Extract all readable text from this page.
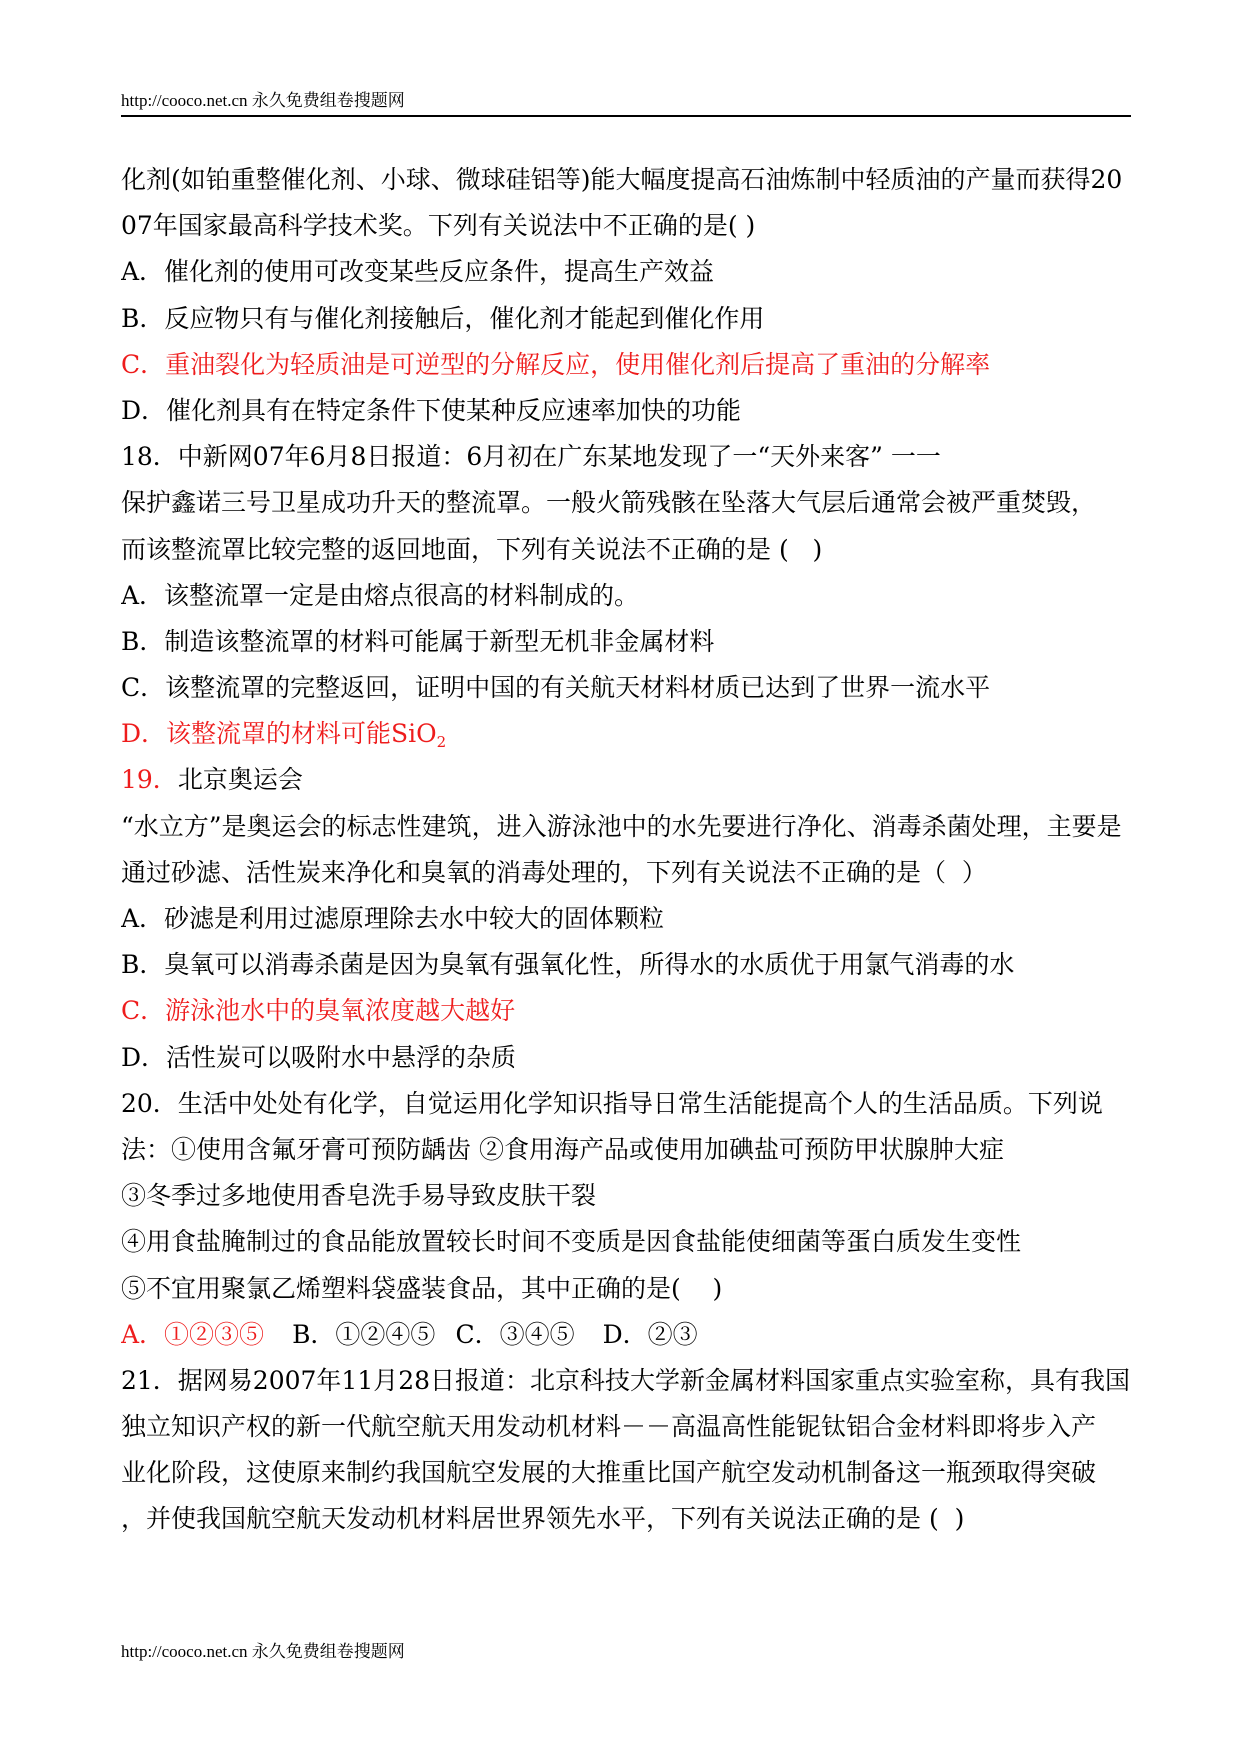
http://cooco.net.cn 永久免费组卷搜题网
化剂(如铂重整催化剂、小球、微球硅铝等)能大幅度提高石油炼制中轻质油的产量而获得20
07年国家最高科学技术奖。下列有关说法中不正确的是( )
A．催化剂的使用可改变某些反应条件，提高生产效益
B．反应物只有与催化剂接触后，催化剂才能起到催化作用
C．重油裂化为轻质油是可逆型的分解反应，使用催化剂后提高了重油的分解率
D．催化剂具有在特定条件下使某种反应速率加快的功能
18．中新网07年6月8日报道：6月初在广东某地发现了一“天外来客” 一一
保护鑫诺三号卫星成功升天的整流罩。一般火箭残骸在坠落大气层后通常会被严重焚毁，
而该整流罩比较完整的返回地面，下列有关说法不正确的是 (   )
A．该整流罩一定是由熔点很高的材料制成的。
B．制造该整流罩的材料可能属于新型无机非金属材料
C．该整流罩的完整返回，证明中国的有关航天材料材质已达到了世界一流水平
D．该整流罩的材料可能SiO$_2$
19．北京奥运会
“水立方”是奥运会的标志性建筑，进入游泳池中的水先要进行净化、消毒杀菌处理，主要是
通过砂滤、活性炭来净化和臭氧的消毒处理的，下列有关说法不正确的是（  ）
A．砂滤是利用过滤原理除去水中较大的固体颗粒
B．臭氧可以消毒杀菌是因为臭氧有强氧化性，所得水的水质优于用氯气消毒的水
C．游泳池水中的臭氧浓度越大越好
D．活性炭可以吸附水中悬浮的杂质
20．生活中处处有化学，自觉运用化学知识指导日常生活能提高个人的生活品质。下列说
法：①使用含氟牙膏可预防龋齿 ②食用海产品或使用加碘盐可预防甲状腺肿大症
③冬季过多地使用香皂洗手易导致皮肤干裂
④用食盐腌制过的食品能放置较长时间不变质是因食盐能使细菌等蛋白质发生变性
⑤不宜用聚氯乙烯塑料袋盛装食品，其中正确的是(    )
A．①②③⑤ B．①②④⑤ C．③④⑤ D．②③
21．据网易2007年11月28日报道：北京科技大学新金属材料国家重点实验室称，具有我国
独立知识产权的新一代航空航天用发动机材料－－高温高性能铌钛铝合金材料即将步入产
业化阶段，这使原来制约我国航空发展的大推重比国产航空发动机制备这一瓶颈取得突破
，并使我国航空航天发动机材料居世界领先水平，下列有关说法正确的是 (  )
http://cooco.net.cn 永久免费组卷搜题网
